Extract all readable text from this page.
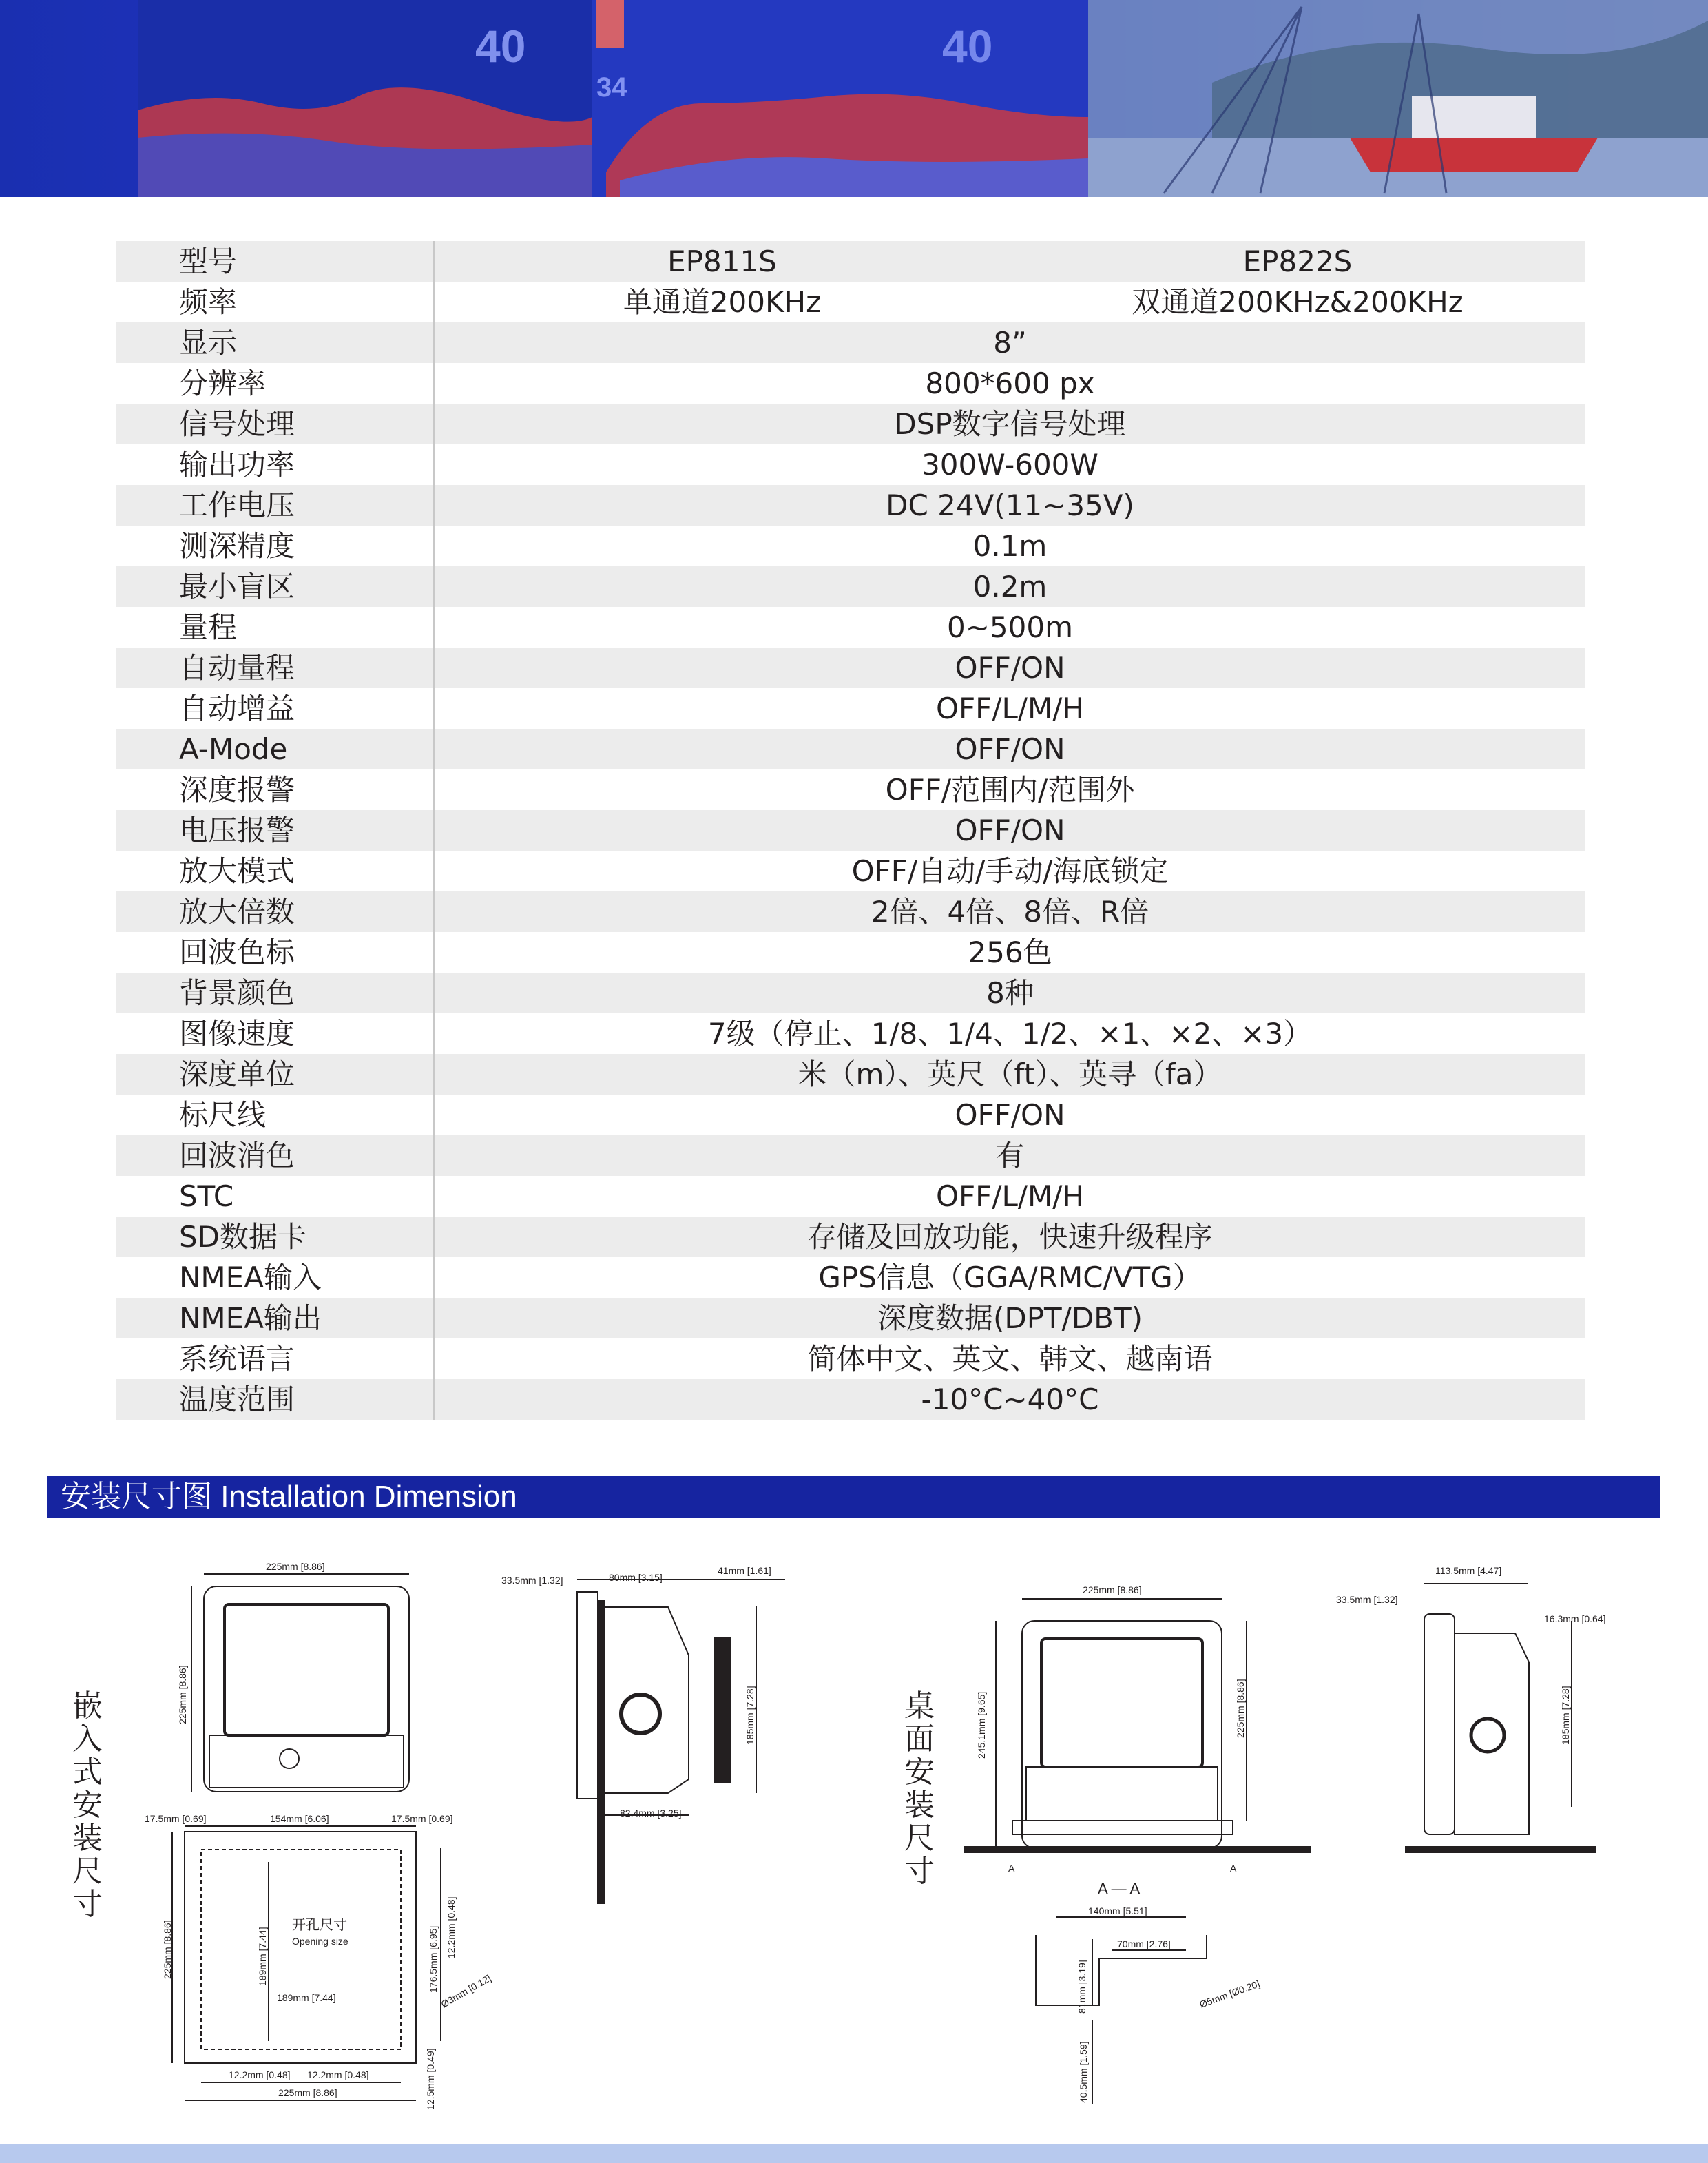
40
34
40
型号	EP811S	EP822S
频率	单通道200KHz	双通道200KHz&200KHz
显示	8”	
分辨率	800*600 px	
信号处理	DSP数字信号处理	
输出功率	300W-600W	
工作电压	DC 24V(11~35V)	
测深精度	0.1m	
最小盲区	0.2m	
量程	0~500m	
自动量程	OFF/ON	
自动增益	OFF/L/M/H	
A-Mode	OFF/ON	
深度报警	OFF/范围内/范围外	
电压报警	OFF/ON	
放大模式	OFF/自动/手动/海底锁定	
放大倍数	2倍、4倍、8倍、R倍	
回波色标	256色	
背景颜色	8种	
图像速度	7级（停止、1/8、1/4、1/2、×1、×2、×3）	
深度单位	米（m）、英尺（ft）、英寻（fa）	
标尺线	OFF/ON	
回波消色	有	
STC	OFF/L/M/H	
SD数据卡	存储及回放功能，快速升级程序	
NMEA输入	GPS信息（GGA/RMC/VTG）	
NMEA输出	深度数据(DPT/DBT)	
系统语言	简体中文、英文、韩文、越南语	
温度范围	-10°C~40°C	
安装尺寸图 Installation Dimension
嵌
入
式
安
装
尺
寸
桌
面
安
装
尺
寸
225mm [8.86]
225mm [8.86]
33.5mm [1.32]	80mm [3.15]
41mm [1.61]
185mm [7.28]
82.4mm [3.25]
17.5mm [0.69]	154mm [6.06]	17.5mm [0.69]
225mm [8.86]	189mm [7.44]
开孔尺寸
Opening size
189mm [7.44]
176.5mm [6.95] 12.2mm [0.48]
Ø3mm [0.12]
12.2mm [0.48] 12.2mm [0.48]
225mm [8.86]	12.5mm [0.49]
225mm [8.86]
245.1mm [9.65]	225mm [8.86]
113.5mm [4.47]
33.5mm [1.32]
16.3mm [0.64]
185mm [7.28]
A	A
A — A
140mm [5.51]
70mm [2.76]
81mm [3.19]
40.5mm [1.59]
Ø5mm [Ø0.20]
